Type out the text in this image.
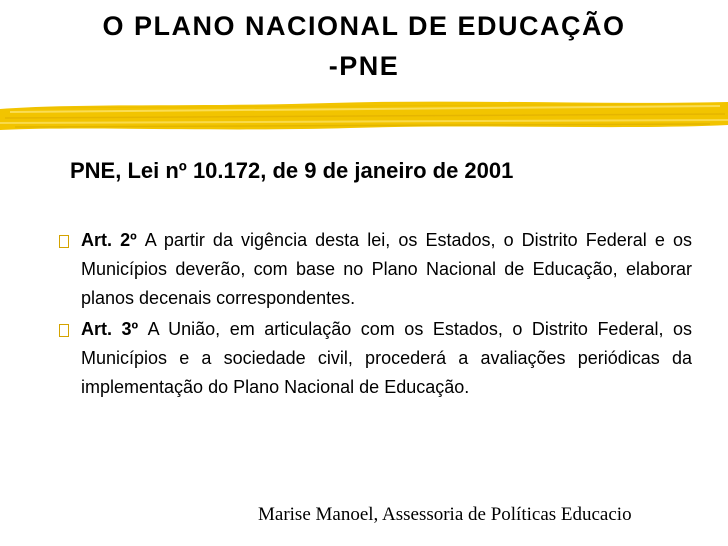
O PLANO NACIONAL DE EDUCAÇÃO
-PNE
PNE, Lei nº 10.172, de 9 de janeiro de 2001
Art. 2º A partir da vigência desta lei, os Estados, o Distrito Federal e os Municípios deverão, com base no Plano Nacional de Educação, elaborar planos decenais correspondentes.
Art. 3º A União, em articulação com os Estados, o Distrito Federal, os Municípios e a sociedade civil, procederá a avaliações periódicas da implementação do Plano Nacional de Educação.
Marise Manoel, Assessoria de Políticas Educacio
